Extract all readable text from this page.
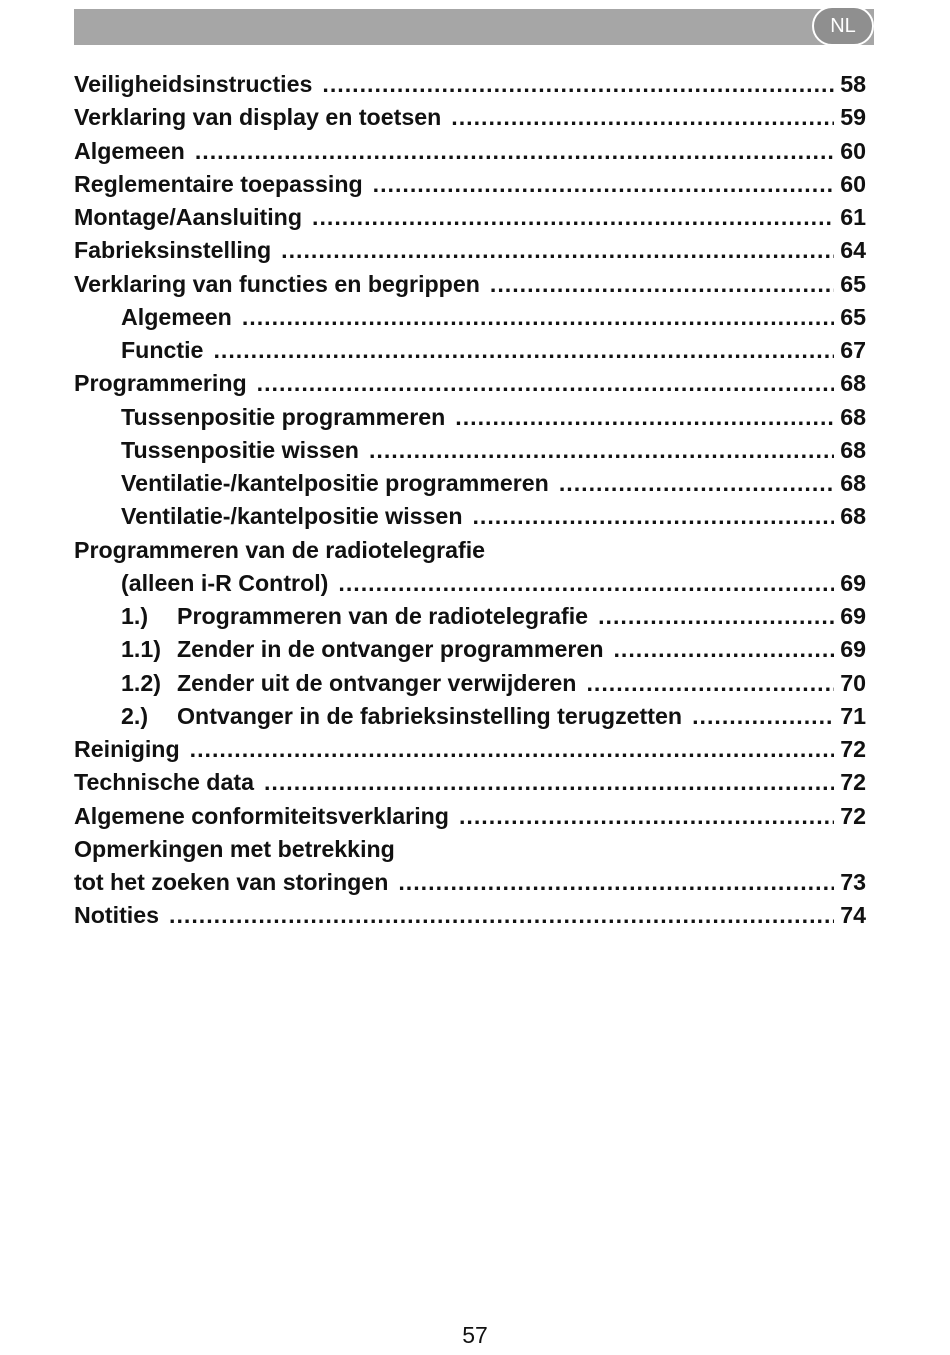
NL
Veiligheidsinstructies .....	58
Verklaring van display en toetsen .....	59
Algemeen .....	60
Reglementaire toepassing .....	60
Montage/Aansluiting .....	61
Fabrieksinstelling .....	64
Verklaring van functies en begrippen .....	65
Algemeen .....	65
Functie .....	67
Programmering .....	68
Tussenpositie programmeren .....	68
Tussenpositie wissen .....	68
Ventilatie-/kantelpositie programmeren .....	68
Ventilatie-/kantelpositie wissen .....	68
Programmeren van de radiotelegrafie
(alleen i-R Control) .....	69
1.)	Programmeren van de radiotelegrafie .....	69
1.1) Zender in de ontvanger programmeren .....	69
1.2) Zender uit de ontvanger verwijderen .....	70
2.)	Ontvanger in de fabrieksinstelling terugzetten .....	71
Reiniging .....	72
Technische data .....	72
Algemene conformiteitsverklaring .....	72
Opmerkingen met betrekking
tot het zoeken van storingen .....	73
Notities .....	74
57
